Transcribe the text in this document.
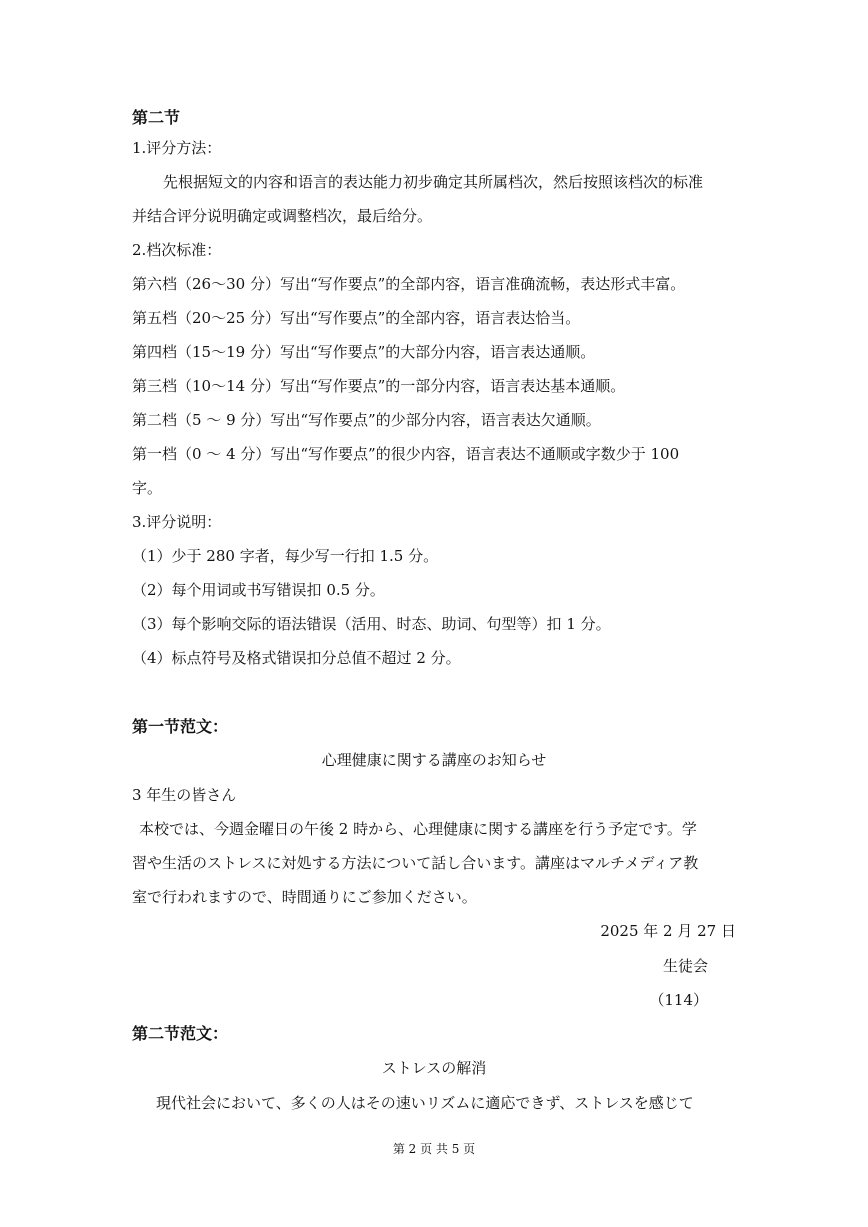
第二节
1.评分方法：
先根据短文的内容和语言的表达能力初步确定其所属档次，然后按照该档次的标准
并结合评分说明确定或调整档次，最后给分。
2.档次标准：
第六档（26～30 分）写出“写作要点”的全部内容，语言准确流畅，表达形式丰富。
第五档（20～25 分）写出“写作要点”的全部内容，语言表达恰当。
第四档（15～19 分）写出“写作要点”的大部分内容，语言表达通顺。
第三档（10～14 分）写出“写作要点”的一部分内容，语言表达基本通顺。
第二档（5 ～ 9 分）写出“写作要点”的少部分内容，语言表达欠通顺。
第一档（0 ～ 4 分）写出“写作要点”的很少内容，语言表达不通顺或字数少于 100
字。
3.评分说明：
（1）少于 280 字者，每少写一行扣 1.5 分。
（2）每个用词或书写错误扣 0.5 分。
（3）每个影响交际的语法错误（活用、时态、助词、句型等）扣 1 分。
（4）标点符号及格式错误扣分总值不超过 2 分。
第一节范文：
心理健康に関する講座のお知らせ
3 年生の皆さん
本校では、今週金曜日の午後 2 時から、心理健康に関する講座を行う予定です。学
習や生活のストレスに対処する方法について話し合います。講座はマルチメディア教
室で行われますので、時間通りにご参加ください。
2025 年 2 月 27 日
生徒会
（114）
第二节范文：
ストレスの解消
現代社会において、多くの人はその速いリズムに適応できず、ストレスを感じて
第 2 页 共 5 页
